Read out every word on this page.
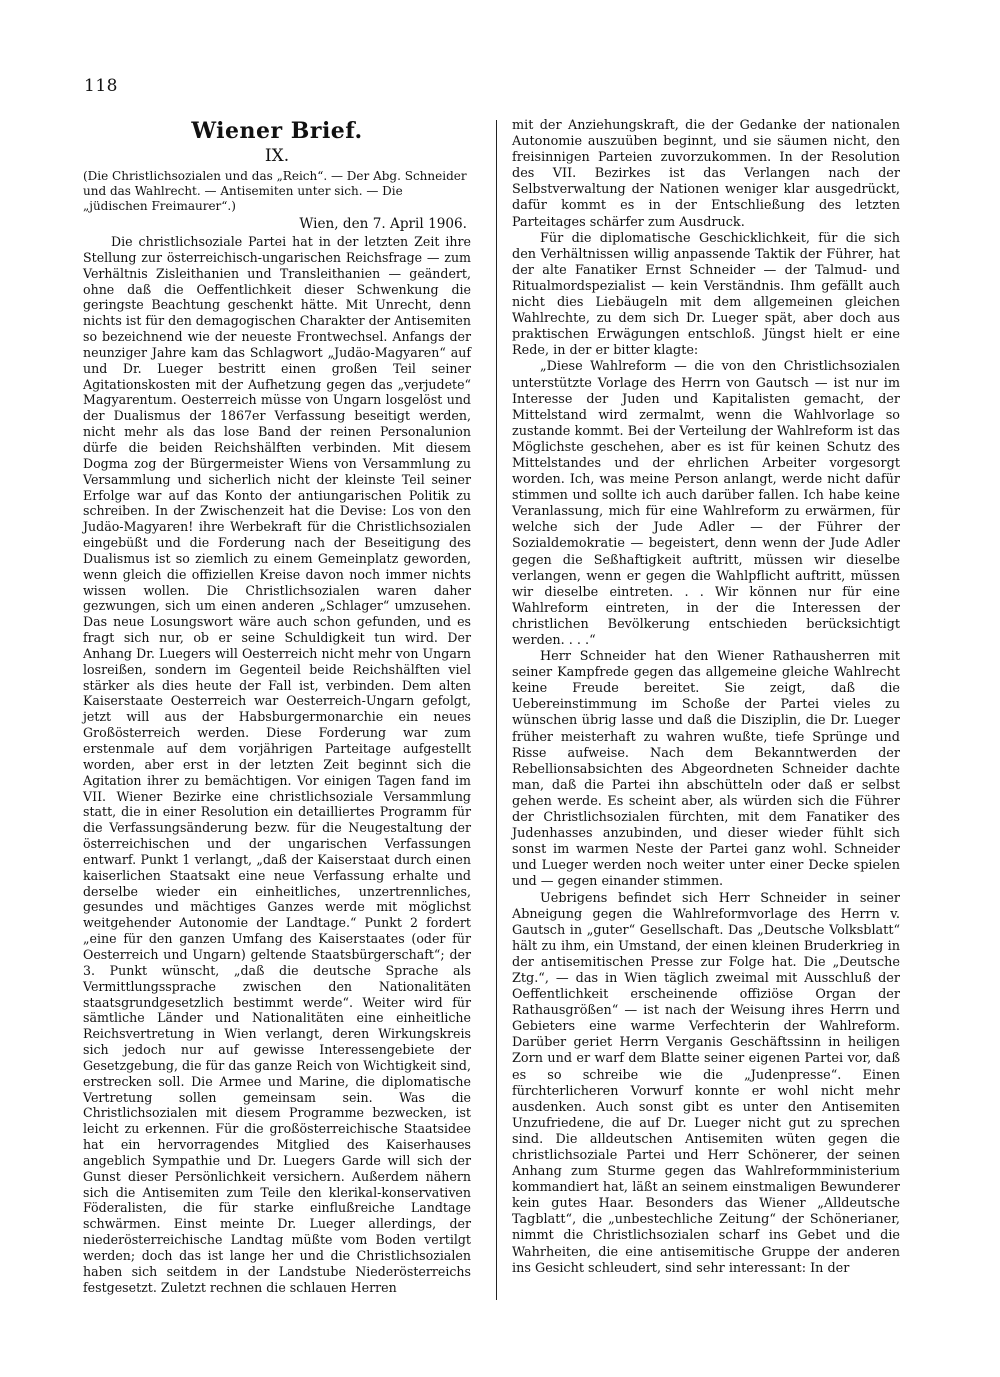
118
Wiener Brief.
IX.
(Die Christlichsozialen und das „Reich“. — Der Abg. Schneider und das Wahlrecht. — Antisemiten unter sich. — Die „jüdischen Freimaurer“.)
Wien, den 7. April 1906.

Die christlichsoziale Partei hat in der letzten Zeit ihre Stellung zur österreichisch-ungarischen Reichsfrage — zum Verhältnis Zisleithanien und Transleithanien — geändert, ohne daß die Oeffentlichkeit dieser Schwenkung die geringste Beachtung geschenkt hätte. Mit Unrecht, denn nichts ist für den demagogischen Charakter der Antisemiten so bezeichnend wie der neueste Frontwechsel. Anfangs der neunziger Jahre kam das Schlagwort „Judäo-Magyaren“ auf und Dr. Lueger bestritt einen großen Teil seiner Agitationskosten mit der Aufhetzung gegen das „verjudete“ Magyarentum. Oesterreich müsse von Ungarn losgelöst und der Dualismus der 1867er Verfassung beseitigt werden, nicht mehr als das lose Band der reinen Personalunion dürfe die beiden Reichshälften verbinden. Mit diesem Dogma zog der Bürgermeister Wiens von Versammlung zu Versammlung und sicherlich nicht der kleinste Teil seiner Erfolge war auf das Konto der antiungarischen Politik zu schreiben. In der Zwischenzeit hat die Devise: Los von den Judäo-Magyaren! ihre Werbekraft für die Christlichsozialen eingebüßt und die Forderung nach der Beseitigung des Dualismus ist so ziemlich zu einem Gemeinplatz geworden, wenn gleich die offiziellen Kreise davon noch immer nichts wissen wollen. Die Christlichsozialen waren daher gezwungen, sich um einen anderen „Schlager“ umzusehen. Das neue Losungswort wäre auch schon gefunden, und es fragt sich nur, ob er seine Schuldigkeit tun wird. Der Anhang Dr. Luegers will Oesterreich nicht mehr von Ungarn losreißen, sondern im Gegenteil beide Reichshälften viel stärker als dies heute der Fall ist, verbinden. Dem alten Kaiserstaate Oesterreich war Oesterreich-Ungarn gefolgt, jetzt will aus der Habsburgermonarchie ein neues Großösterreich werden. Diese Forderung war zum erstenmale auf dem vorjährigen Parteitage aufgestellt worden, aber erst in der letzten Zeit beginnt sich die Agitation ihrer zu bemächtigen. Vor einigen Tagen fand im VII. Wiener Bezirke eine christlichsoziale Versammlung statt, die in einer Resolution ein detailliertes Programm für die Verfassungsänderung bezw. für die Neugestaltung der österreichischen und der ungarischen Verfassungen entwarf. Punkt 1 verlangt, „daß der Kaiserstaat durch einen kaiserlichen Staatsakt eine neue Verfassung erhalte und derselbe wieder ein einheitliches, unzertrennliches, gesundes und mächtiges Ganzes werde mit möglichst weitgehender Autonomie der Landtage.“ Punkt 2 fordert „eine für den ganzen Umfang des Kaiserstaates (oder für Oesterreich und Ungarn) geltende Staatsbürgerschaft“; der 3. Punkt wünscht, „daß die deutsche Sprache als Vermittlungssprache zwischen den Nationalitäten staatsgrundgesetzlich bestimmt werde“. Weiter wird für sämtliche Länder und Nationalitäten eine einheitliche Reichsvertretung in Wien verlangt, deren Wirkungskreis sich jedoch nur auf gewisse Interessengebiete der Gesetzgebung, die für das ganze Reich von Wichtigkeit sind, erstrecken soll. Die Armee und Marine, die diplomatische Vertretung sollen gemeinsam sein. Was die Christlichsozialen mit diesem Programme bezwecken, ist leicht zu erkennen. Für die großösterreichische Staatsidee hat ein hervorragendes Mitglied des Kaiserhauses angeblich Sympathie und Dr. Luegers Garde will sich der Gunst dieser Persönlichkeit versichern. Außerdem nähern sich die Antisemiten zum Teile den klerikal-konservativen Föderalisten, die für starke einflußreiche Landtage schwärmen. Einst meinte Dr. Lueger allerdings, der niederösterreichische Landtag müßte vom Boden vertilgt werden; doch das ist lange her und die Christlichsozialen haben sich seitdem in der Landstube Niederösterreichs festgesetzt. Zuletzt rechnen die schlauen Herren

mit der Anziehungskraft, die der Gedanke der nationalen Autonomie auszuüben beginnt, und sie säumen nicht, den freisinnigen Parteien zuvorzukommen. In der Resolution des VII. Bezirkes ist das Verlangen nach der Selbstverwaltung der Nationen weniger klar ausgedrückt, dafür kommt es in der Entschließung des letzten Parteitages schärfer zum Ausdruck.

Für die diplomatische Geschicklichkeit, für die sich den Verhältnissen willig anpassende Taktik der Führer, hat der alte Fanatiker Ernst Schneider — der Talmud- und Ritualmordspezialist — kein Verständnis. Ihm gefällt auch nicht dies Liebäugeln mit dem allgemeinen gleichen Wahlrechte, zu dem sich Dr. Lueger spät, aber doch aus praktischen Erwägungen entschloß. Jüngst hielt er eine Rede, in der er bitter klagte:

„Diese Wahlreform — die von den Christlichsozialen unterstützte Vorlage des Herrn von Gautsch — ist nur im Interesse der Juden und Kapitalisten gemacht, der Mittelstand wird zermalmt, wenn die Wahlvorlage so zustande kommt. Bei der Verteilung der Wahlreform ist das Möglichste geschehen, aber es ist für keinen Schutz des Mittelstandes und der ehrlichen Arbeiter vorgesorgt worden. Ich, was meine Person anlangt, werde nicht dafür stimmen und sollte ich auch darüber fallen. Ich habe keine Veranlassung, mich für eine Wahlreform zu erwärmen, für welche sich der Jude Adler — der Führer der Sozialdemokratie — begeistert, denn wenn der Jude Adler gegen die Seßhaftigkeit auftritt, müssen wir dieselbe verlangen, wenn er gegen die Wahlpflicht auftritt, müssen wir dieselbe eintreten. . . Wir können nur für eine Wahlreform eintreten, in der die Interessen der christlichen Bevölkerung entschieden berücksichtigt werden. . . .“

Herr Schneider hat den Wiener Rathausherren mit seiner Kampfrede gegen das allgemeine gleiche Wahlrecht keine Freude bereitet. Sie zeigt, daß die Uebereinstimmung im Schoße der Partei vieles zu wünschen übrig lasse und daß die Disziplin, die Dr. Lueger früher meisterhaft zu wahren wußte, tiefe Sprünge und Risse aufweise. Nach dem Bekanntwerden der Rebellionsabsichten des Abgeordneten Schneider dachte man, daß die Partei ihn abschütteln oder daß er selbst gehen werde. Es scheint aber, als würden sich die Führer der Christlichsozialen fürchten, mit dem Fanatiker des Judenhasses anzubinden, und dieser wieder fühlt sich sonst im warmen Neste der Partei ganz wohl. Schneider und Lueger werden noch weiter unter einer Decke spielen und — gegen einander stimmen.

Uebrigens befindet sich Herr Schneider in seiner Abneigung gegen die Wahlreformvorlage des Herrn v. Gautsch in „guter“ Gesellschaft. Das „Deutsche Volksblatt“ hält zu ihm, ein Umstand, der einen kleinen Bruderkrieg in der antisemitischen Presse zur Folge hat. Die „Deutsche Ztg.“, — das in Wien täglich zweimal mit Ausschluß der Oeffentlichkeit erscheinende offiziöse Organ der Rathausgrößen“ — ist nach der Weisung ihres Herrn und Gebieters eine warme Verfechterin der Wahlreform. Darüber geriet Herrn Verganis Geschäftssinn in heiligen Zorn und er warf dem Blatte seiner eigenen Partei vor, daß es so schreibe wie die „Judenpresse“. Einen fürchterlicheren Vorwurf konnte er wohl nicht mehr ausdenken. Auch sonst gibt es unter den Antisemiten Unzufriedene, die auf Dr. Lueger nicht gut zu sprechen sind. Die alldeutschen Antisemiten wüten gegen die christlichsoziale Partei und Herr Schönerer, der seinen Anhang zum Sturme gegen das Wahlreformministerium kommandiert hat, läßt an seinem einstmaligen Bewunderer kein gutes Haar. Besonders das Wiener „Alldeutsche Tagblatt“, die „unbestechliche Zeitung“ der Schönerianer, nimmt die Christlichsozialen scharf ins Gebet und die Wahrheiten, die eine antisemitische Gruppe der anderen ins Gesicht schleudert, sind sehr interessant: In der
